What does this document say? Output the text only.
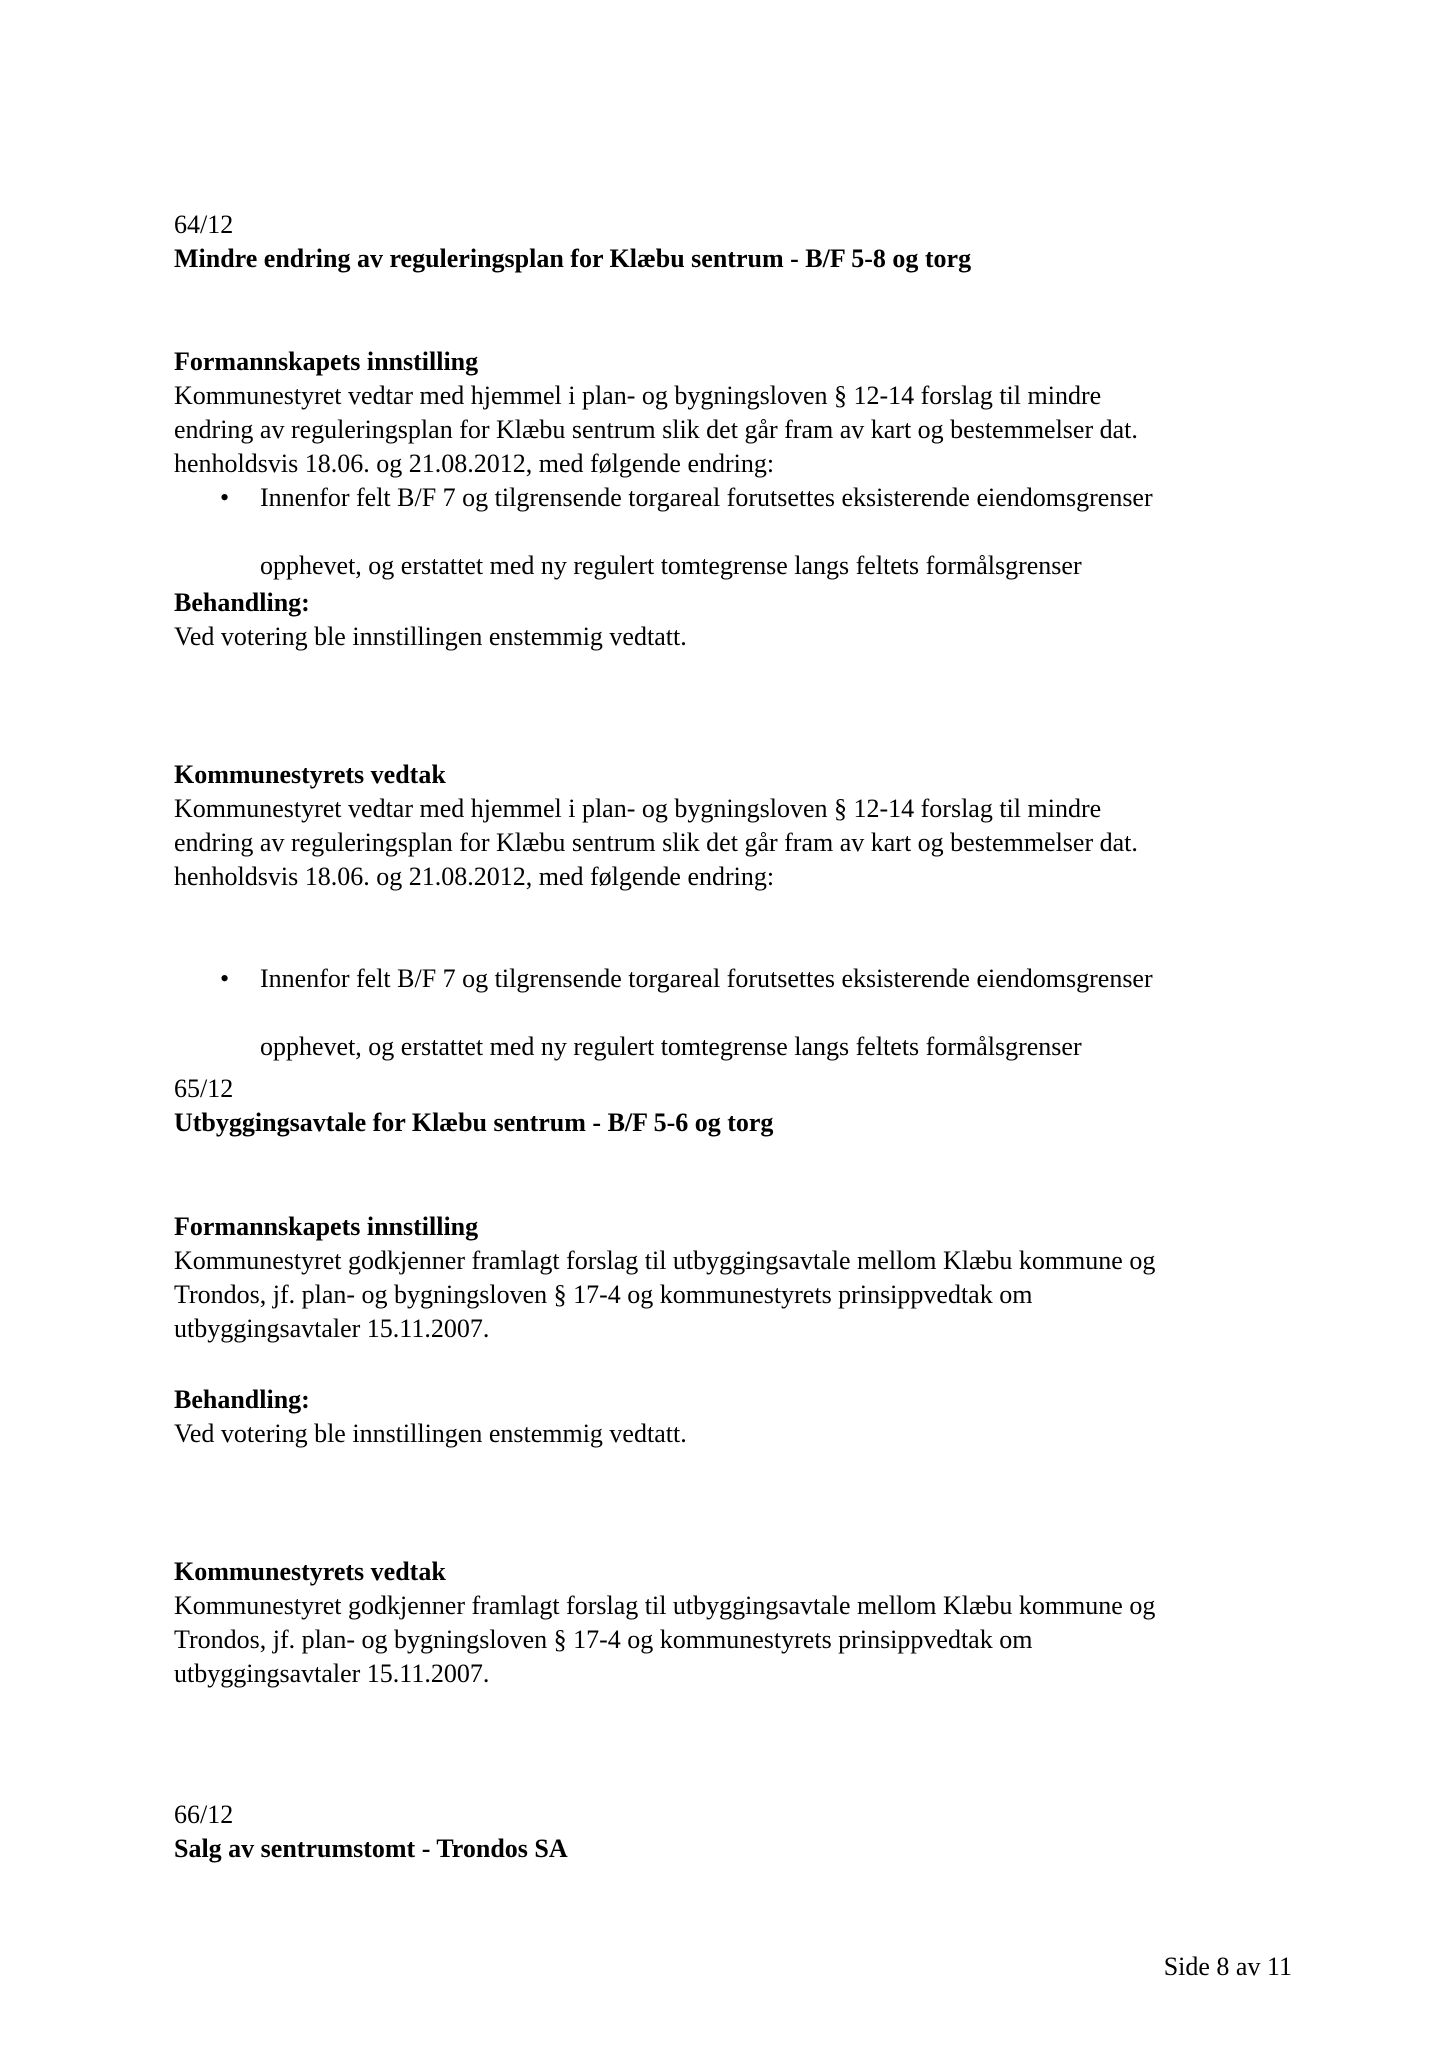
64/12
Mindre endring av reguleringsplan for Klæbu sentrum - B/F 5-8 og torg
Formannskapets innstilling
Kommunestyret vedtar med hjemmel i plan- og bygningsloven § 12-14 forslag til mindre
endring av reguleringsplan for Klæbu sentrum slik det går fram av kart og bestemmelser dat.
henholdsvis 18.06. og 21.08.2012, med følgende endring:
• Innenfor felt B/F 7 og tilgrensende torgareal forutsettes eksisterende eiendomsgrenser
opphevet, og erstattet med ny regulert tomtegrense langs feltets formålsgrenser
Behandling:
Ved votering ble innstillingen enstemmig vedtatt.
Kommunestyrets vedtak
Kommunestyret vedtar med hjemmel i plan- og bygningsloven § 12-14 forslag til mindre
endring av reguleringsplan for Klæbu sentrum slik det går fram av kart og bestemmelser dat.
henholdsvis 18.06. og 21.08.2012, med følgende endring:
• Innenfor felt B/F 7 og tilgrensende torgareal forutsettes eksisterende eiendomsgrenser
opphevet, og erstattet med ny regulert tomtegrense langs feltets formålsgrenser
65/12
Utbyggingsavtale for Klæbu sentrum - B/F 5-6 og torg
Formannskapets innstilling
Kommunestyret godkjenner framlagt forslag til utbyggingsavtale mellom Klæbu kommune og
Trondos, jf. plan- og bygningsloven § 17-4 og kommunestyrets prinsippvedtak om
utbyggingsavtaler 15.11.2007.
Behandling:
Ved votering ble innstillingen enstemmig vedtatt.
Kommunestyrets vedtak
Kommunestyret godkjenner framlagt forslag til utbyggingsavtale mellom Klæbu kommune og
Trondos, jf. plan- og bygningsloven § 17-4 og kommunestyrets prinsippvedtak om
utbyggingsavtaler 15.11.2007.
66/12
Salg av sentrumstomt - Trondos SA
Side 8 av 11
